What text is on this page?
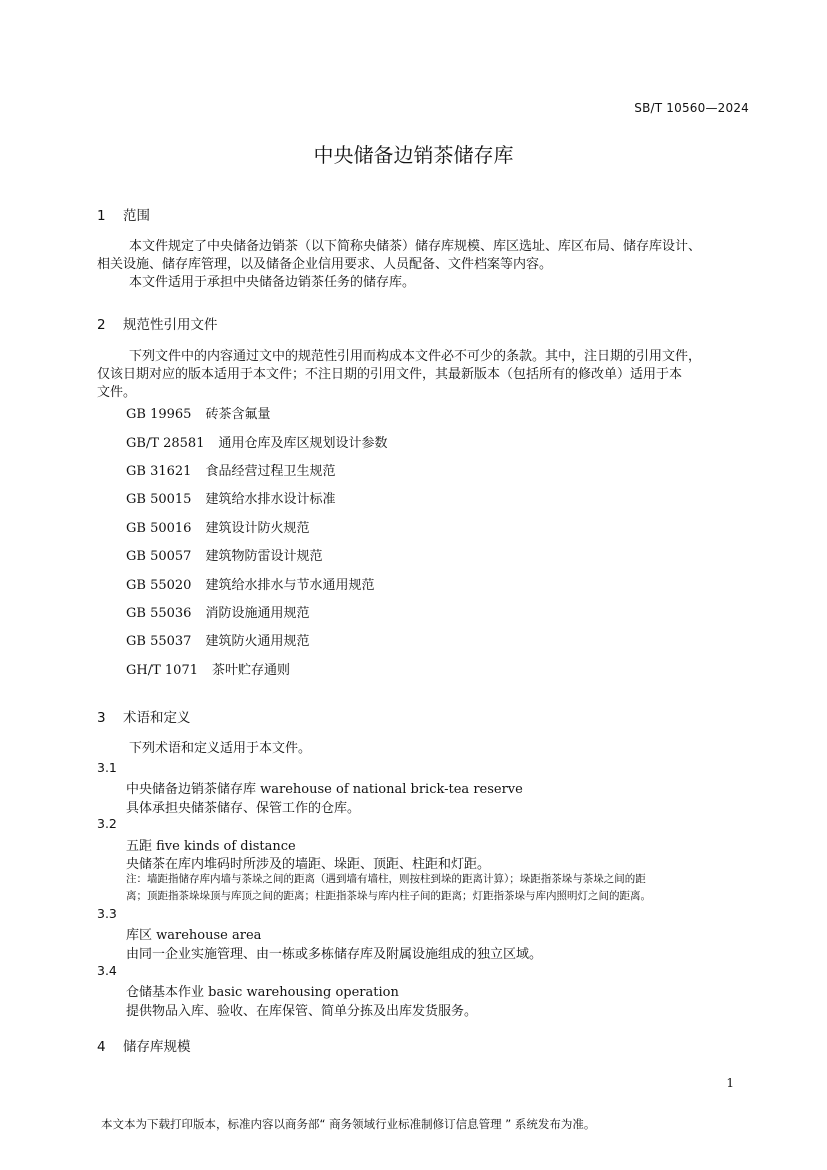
SB/T 10560—2024
中央储备边销茶储存库
1 范围
本文件规定了中央储备边销茶（以下简称央储茶）储存库规模、库区选址、库区布局、储存库设计、
相关设施、储存库管理，以及储备企业信用要求、人员配备、文件档案等内容。
本文件适用于承担中央储备边销茶任务的储存库。
2 规范性引用文件
下列文件中的内容通过文中的规范性引用而构成本文件必不可少的条款。其中，注日期的引用文件，
仅该日期对应的版本适用于本文件；不注日期的引用文件，其最新版本（包括所有的修改单）适用于本
文件。
GB 19965 砖茶含氟量
GB/T 28581 通用仓库及库区规划设计参数
GB 31621 食品经营过程卫生规范
GB 50015 建筑给水排水设计标准
GB 50016 建筑设计防火规范
GB 50057 建筑物防雷设计规范
GB 55020 建筑给水排水与节水通用规范
GB 55036 消防设施通用规范
GB 55037 建筑防火通用规范
GH/T 1071 茶叶贮存通则
3 术语和定义
下列术语和定义适用于本文件。
3.1
中央储备边销茶储存库 warehouse of national brick-tea reserve
具体承担央储茶储存、保管工作的仓库。
3.2
五距 five kinds of distance
央储茶在库内堆码时所涉及的墙距、垛距、顶距、柱距和灯距。
注：墙距指储存库内墙与茶垛之间的距离（遇到墙有墙柱，则按柱到垛的距离计算）；垛距指茶垛与茶垛之间的距
离；顶距指茶垛垛顶与库顶之间的距离；柱距指茶垛与库内柱子间的距离；灯距指茶垛与库内照明灯之间的距离。
3.3
库区 warehouse area
由同一企业实施管理、由一栋或多栋储存库及附属设施组成的独立区域。
3.4
仓储基本作业 basic warehousing operation
提供物品入库、验收、在库保管、简单分拣及出库发货服务。
4 储存库规模
1
本文本为下载打印版本，标准内容以商务部“ 商务领域行业标准制修订信息管理 ” 系统发布为准。
